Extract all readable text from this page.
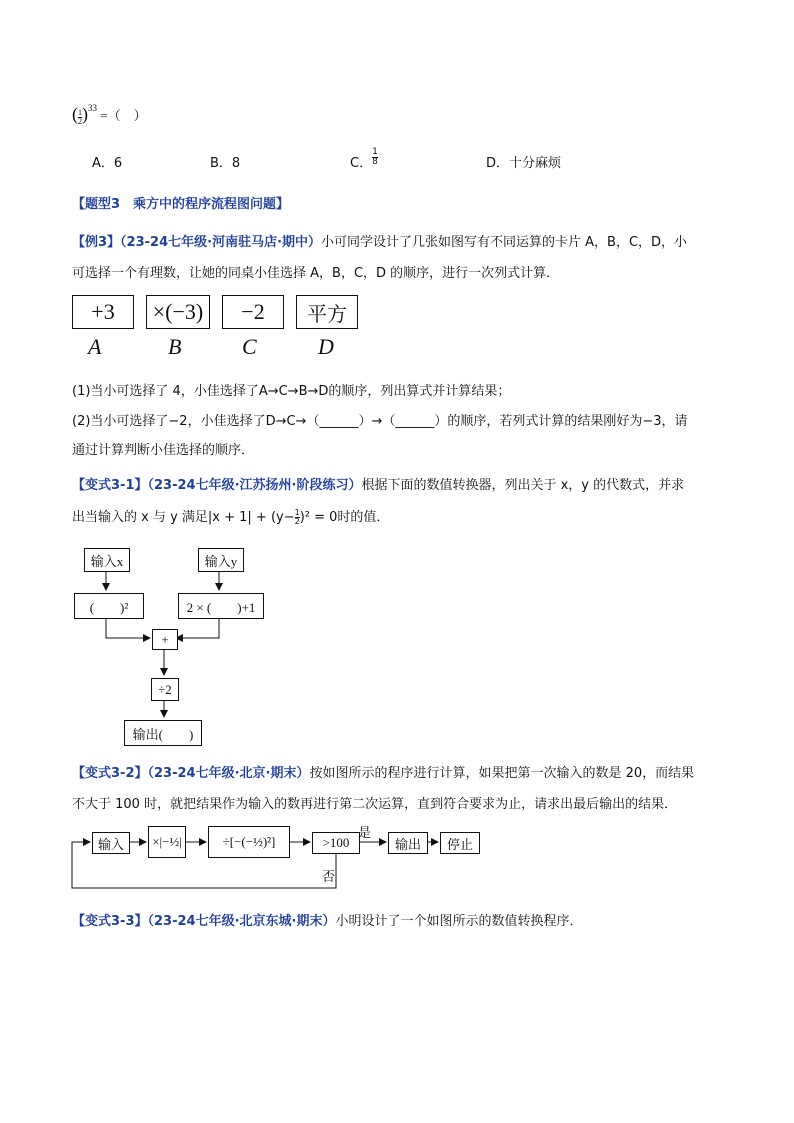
( $\frac{1}{2} )^{33}$ =（　）
A．6	B．8	C． $\frac{1}{8}$	D．十分麻烦
【题型3　乘方中的程序流程图问题】
【例3】（23-24七年级·河南驻马店·期中）小可同学设计了几张如图写有不同运算的卡片 A，B，C，D，小
可选择一个有理数，让她的同桌小佳选择 A，B，C，D 的顺序，进行一次列式计算．
+3
A
×(−3)
B
−2
C
平方
D
(1)当小可选择了 4，小佳选择了A→C→B→D的顺序，列出算式并计算结果；
(2)当小可选择了−2，小佳选择了D→C→（______）→（______）的顺序，若列式计算的结果刚好为−3，请
通过计算判断小佳选择的顺序．
【变式3-1】（23-24七年级·江苏扬州·阶段练习）根据下面的数值转换器，列出关于 x，y 的代数式，并求
出当输入的 x 与 y 满足$|x + 1| + (y- \frac{1}{2} )^2 = 0$时的值．
输入x	输入y
(　　)²	2 × (　　)+1
+
÷2
输出(　　)
【变式3-2】（23-24七年级·北京·期末）按如图所示的程序进行计算，如果把第一次输入的数是 20，而结果
不大于 100 时，就把结果作为输入的数再进行第二次运算，直到符合要求为止，请求出最后输出的结果．
输入	×|−½|	÷[−(−½)²]	>100
是
否
输出	停止
【变式3-3】（23-24七年级·北京东城·期末）小明设计了一个如图所示的数值转换程序．
